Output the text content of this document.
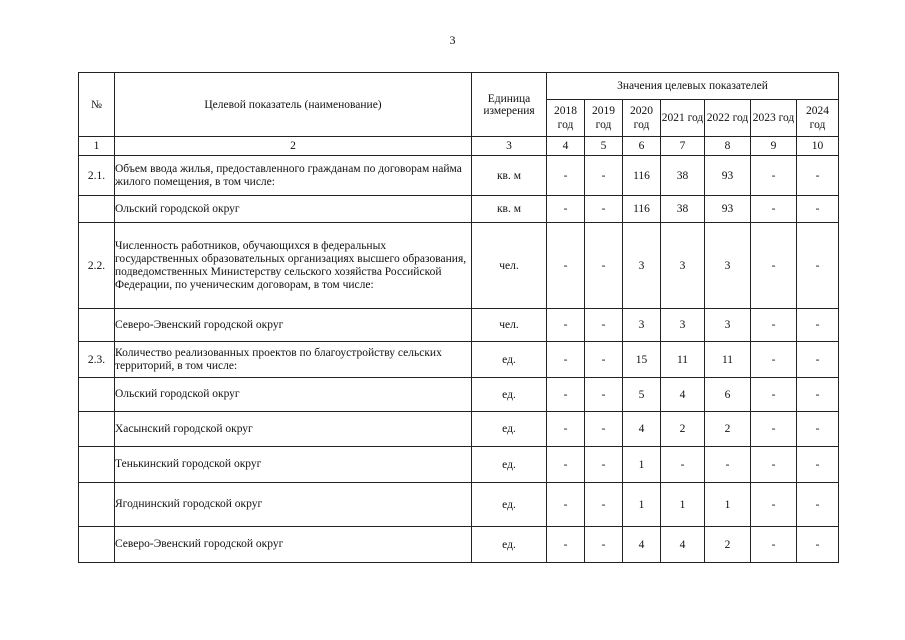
3
№	Целевой показатель (наименование)	Единица измерения	Значения целевых показателей						
			2018 год	2019 год	2020 год	2021 год	2022 год	2023 год	2024 год
1	2	3	4	5	6	7	8	9	10
2.1.	Объем ввода жилья, предоставленного гражданам по договорам найма жилого помещения, в том числе:	кв. м	-	-	116	38	93	-	-
	Ольский городской округ	кв. м	-	-	116	38	93	-	-
2.2.	Численность работников, обучающихся в федеральных государственных образовательных организациях высшего образования, подведомственных Министерству сельского хозяйства Российской Федерации, по ученическим договорам, в том числе:	чел.	-	-	3	3	3	-	-
	Северо-Эвенский городской округ	чел.	-	-	3	3	3	-	-
2.3.	Количество реализованных проектов по благоустройству сельских территорий, в том числе:	ед.	-	-	15	11	11	-	-
	Ольский городской округ	ед.	-	-	5	4	6	-	-
	Хасынский городской округ	ед.	-	-	4	2	2	-	-
	Тенькинский городской округ	ед.	-	-	1	-	-	-	-
	Ягоднинский городской округ	ед.	-	-	1	1	1	-	-
	Северо-Эвенский городской округ	ед.	-	-	4	4	2	-	-
